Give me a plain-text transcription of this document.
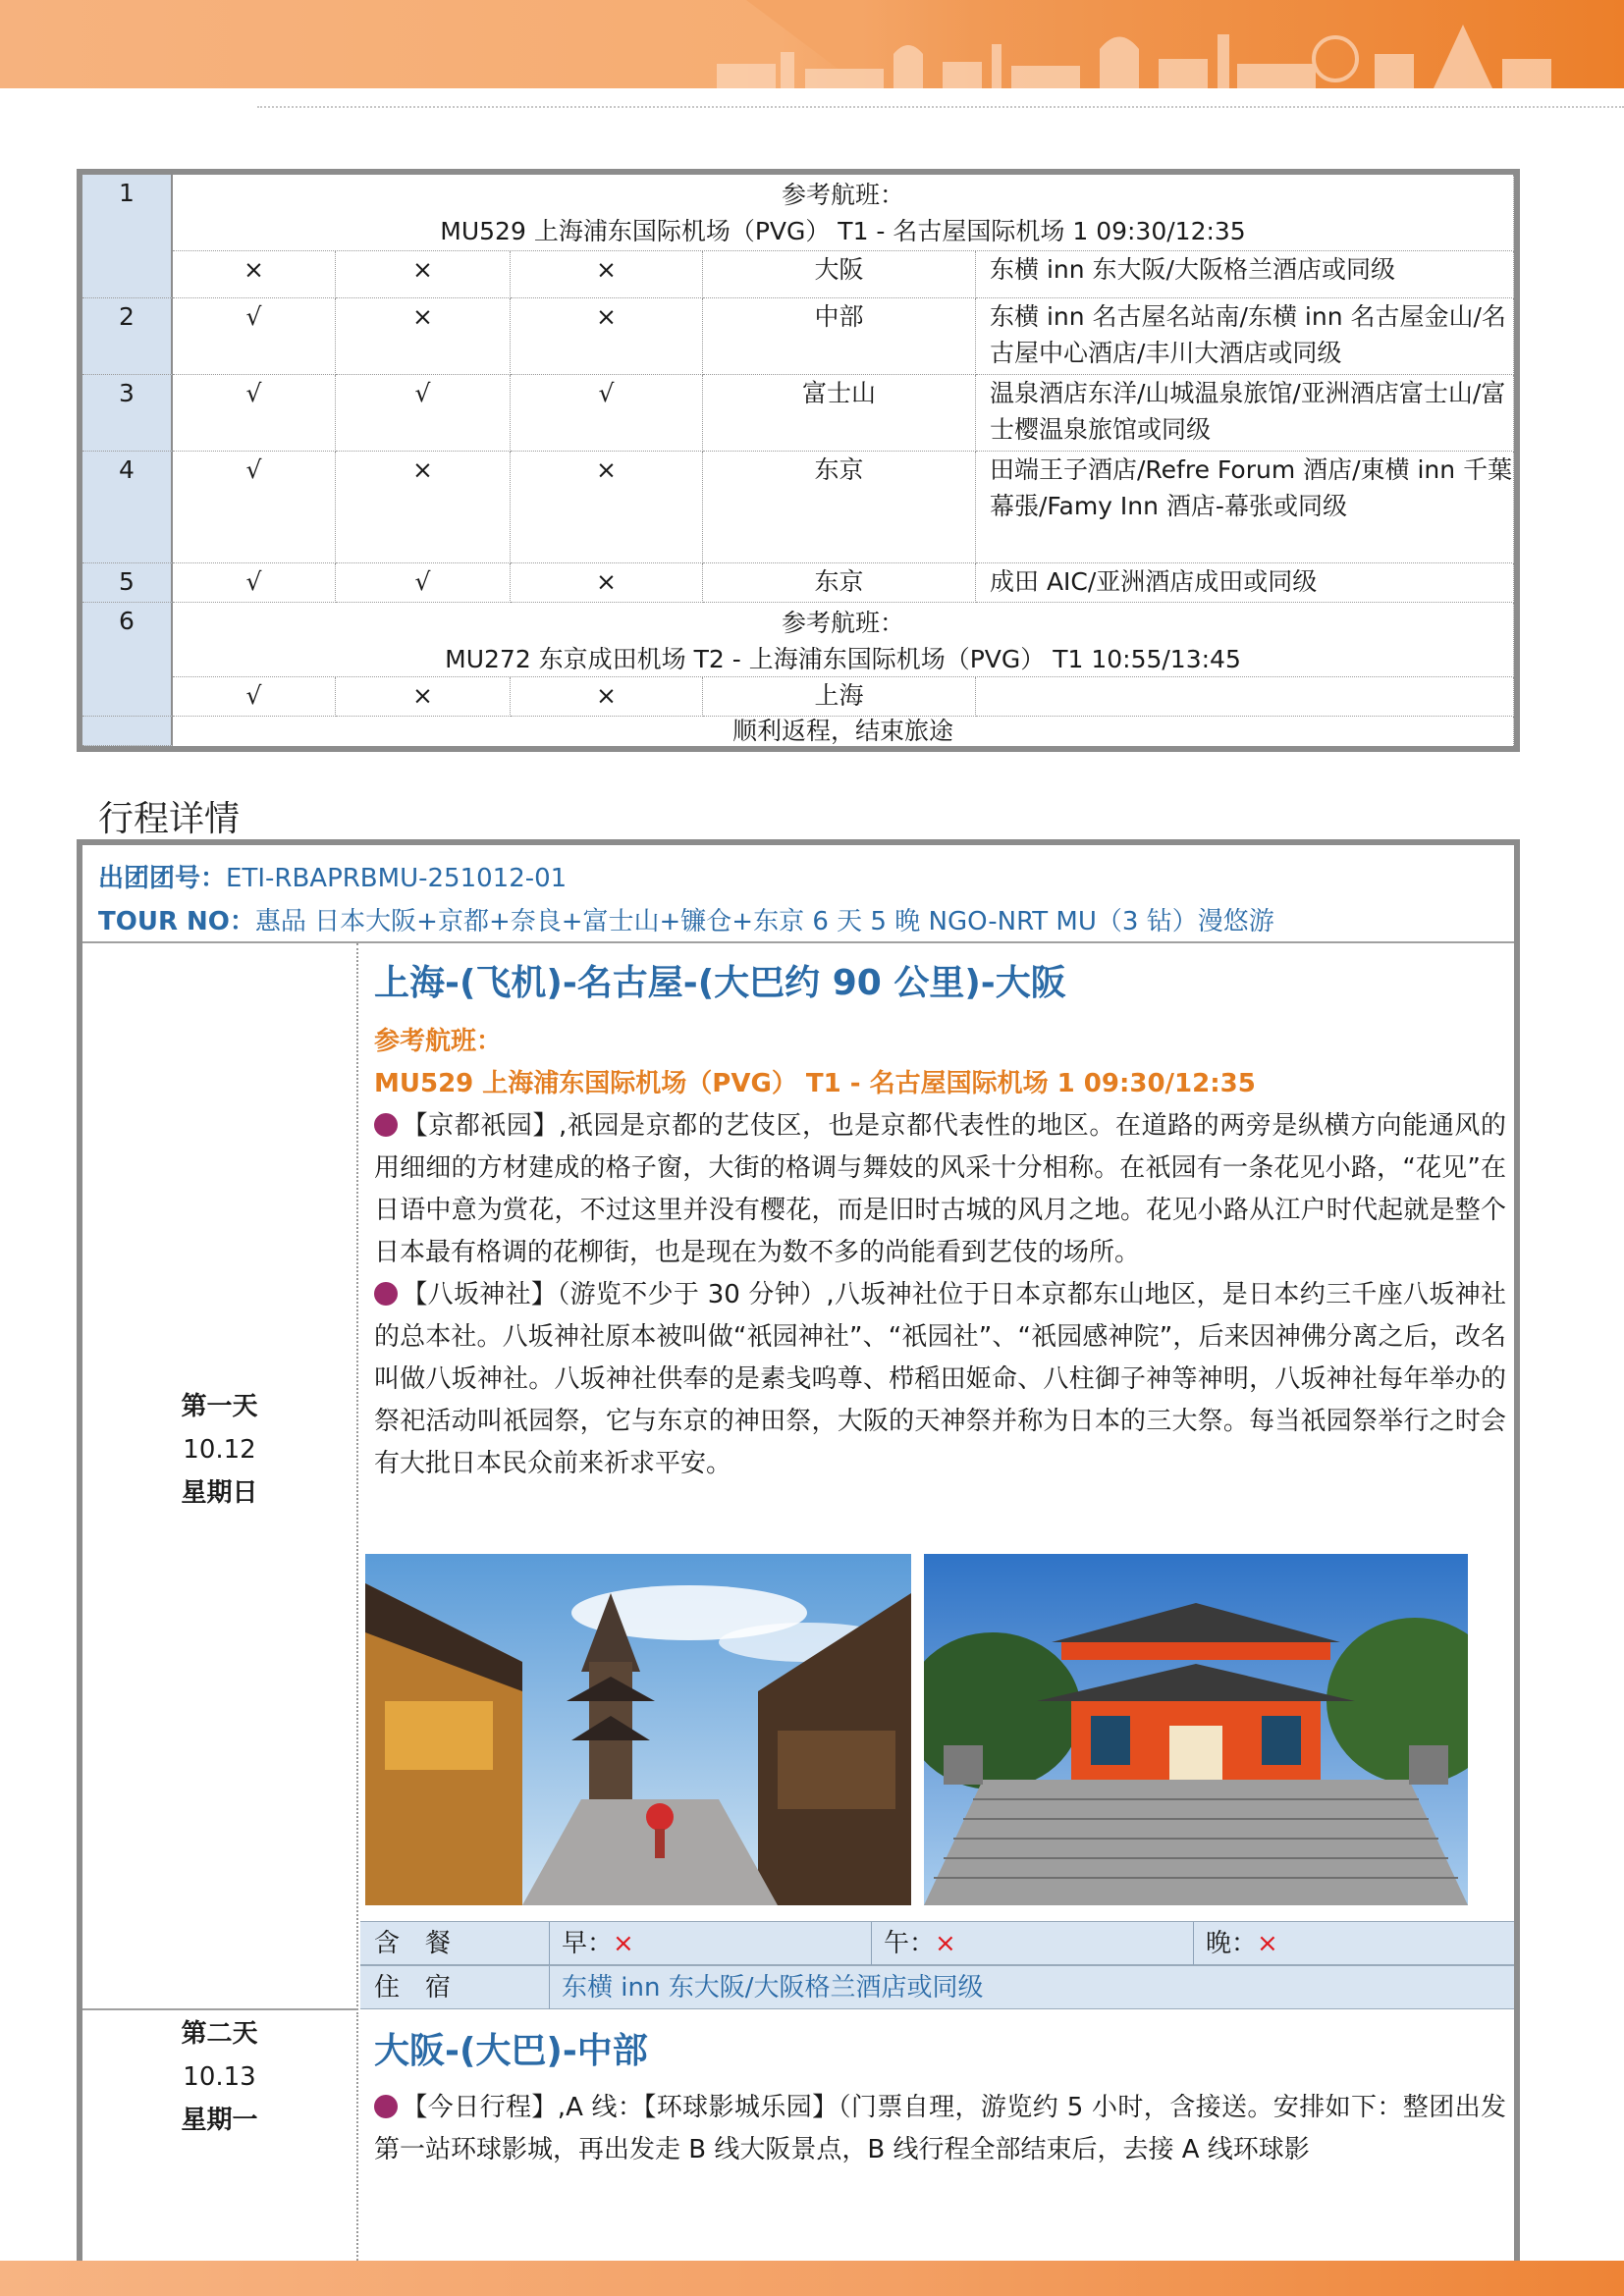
1	参考航班：
MU529 上海浦东国际机场（PVG） T1 - 名古屋国际机场 1 09:30/12:35
×	×	×	大阪	东横 inn 东大阪/大阪格兰酒店或同级
2	√	×	×	中部	东横 inn 名古屋名站南/东横 inn 名古屋金山/名古屋中心酒店/丰川大酒店或同级
3	√	√	√	富士山	温泉酒店东洋/山城温泉旅馆/亚洲酒店富士山/富士樱温泉旅馆或同级
4	√	×	×	东京	田端王子酒店/Refre Forum 酒店/東横 inn 千葉幕張/Famy Inn 酒店-幕张或同级
5	√	√	×	东京	成田 AIC/亚洲酒店成田或同级
6	参考航班：
MU272 东京成田机场 T2 - 上海浦东国际机场（PVG） T1 10:55/13:45
√	×	×	上海
顺利返程，结束旅途
行程详情
出团团号：ETI-RBAPRBMU-251012-01
TOUR NO：惠品 日本大阪+京都+奈良+富士山+镰仓+东京 6 天 5 晚 NGO-NRT MU（3 钻）漫悠游
第一天
10.12
星期日
上海-(飞机)-名古屋-(大巴约 90 公里)-大阪
参考航班：
MU529 上海浦东国际机场（PVG） T1 - 名古屋国际机场 1 09:30/12:35
【京都祇园】,祇园是京都的艺伎区，也是京都代表性的地区。在道路的两旁是纵横方向能通风的用细细的方材建成的格子窗，大街的格调与舞妓的风采十分相称。在祇园有一条花见小路，“花见”在日语中意为赏花，不过这里并没有樱花，而是旧时古城的风月之地。花见小路从江户时代起就是整个日本最有格调的花柳街，也是现在为数不多的尚能看到艺伎的场所。
【八坂神社】（游览不少于 30 分钟）,八坂神社位于日本京都东山地区，是日本约三千座八坂神社的总本社。八坂神社原本被叫做“祇园神社”、“祇园社”、“祇园感神院”，后来因神佛分离之后，改名叫做八坂神社。八坂神社供奉的是素戋呜尊、栉稻田姬命、八柱御子神等神明，八坂神社每年举办的祭祀活动叫祇园祭，它与东京的神田祭，大阪的天神祭并称为日本的三大祭。每当祇园祭举行之时会有大批日本民众前来祈求平安。
含　餐	早：×	午：×	晚：×
住　宿	东横 inn 东大阪/大阪格兰酒店或同级
第二天
10.13
星期一
大阪-(大巴)-中部
【今日行程】,A 线：【环球影城乐园】（门票自理，游览约 5 小时，含接送。安排如下：整团出发第一站环球影城，再出发走 B 线大阪景点，B 线行程全部结束后，去接 A 线环球影
